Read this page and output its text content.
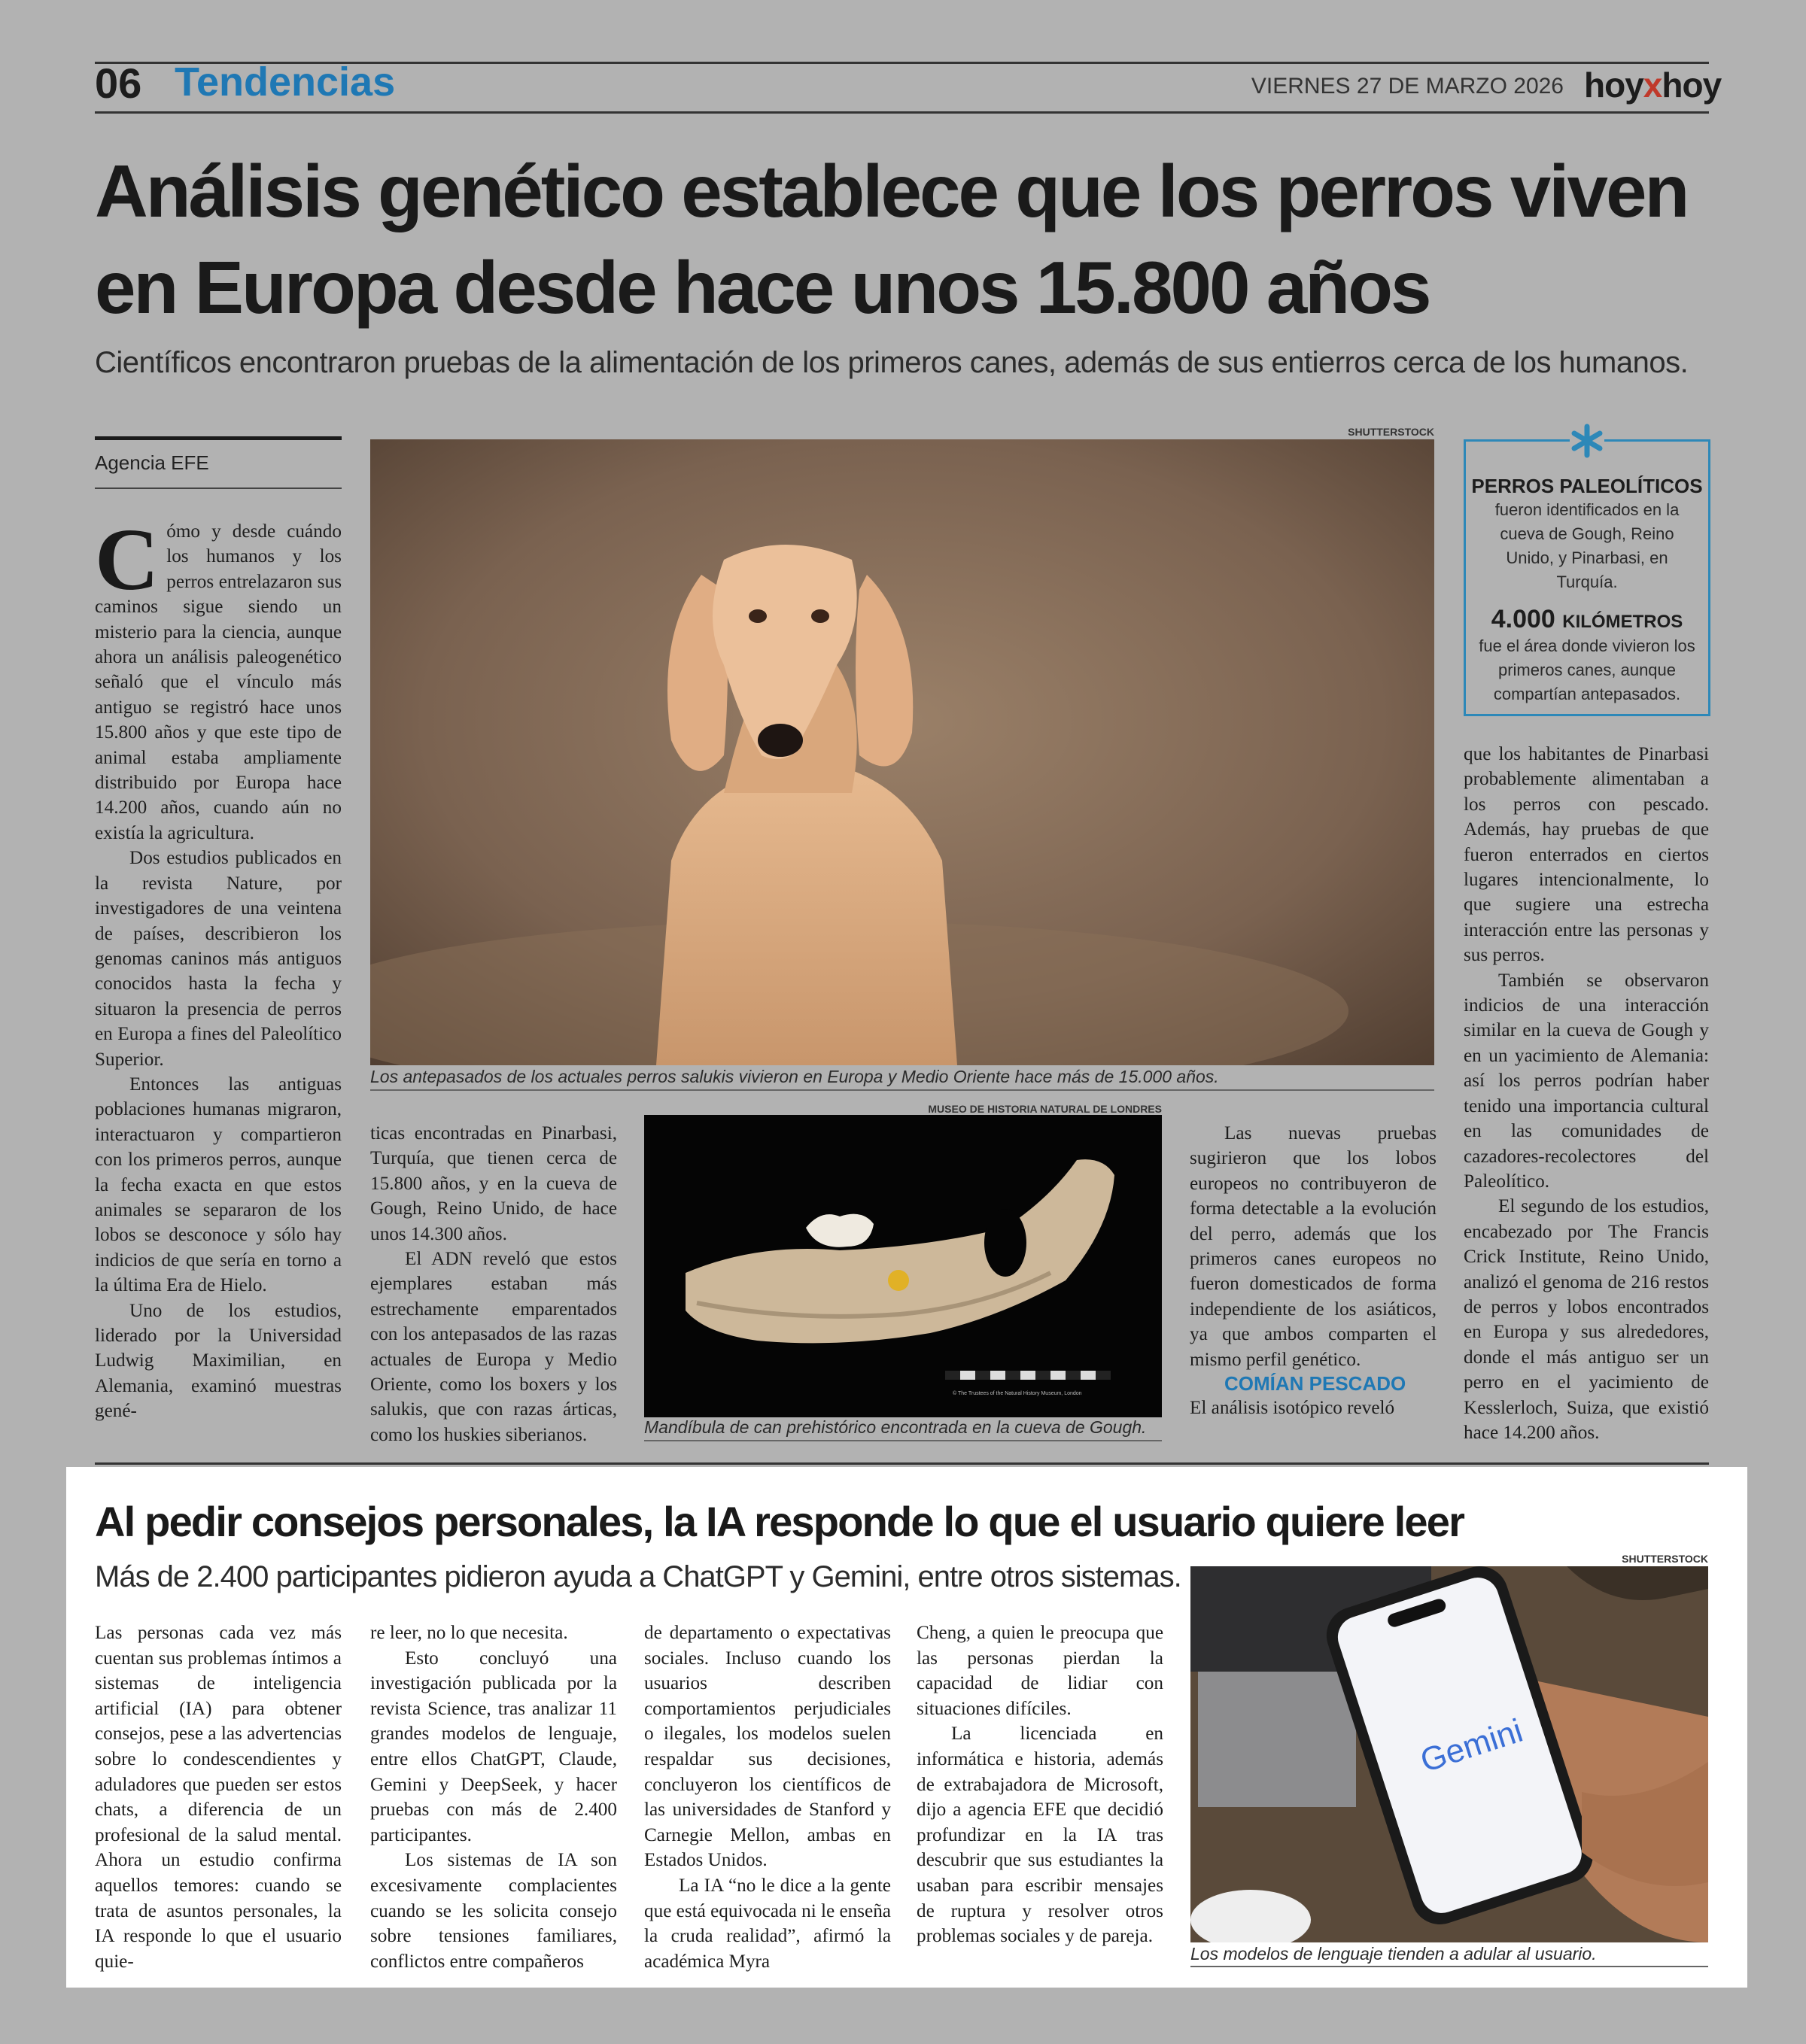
06 Tendencias	VIERNES 27 DE MARZO 2026 hoyxhoy
Análisis genético establece que los perros viven en Europa desde hace unos 15.800 años
Científicos encontraron pruebas de la alimentación de los primeros canes, además de sus entierros cerca de los humanos.
Agencia EFE

Cómo y desde cuándo los humanos y los perros entrelazaron sus caminos sigue siendo un misterio para la ciencia, aunque ahora un análisis paleogenético señaló que el vínculo más antiguo se registró hace unos 15.800 años y que este tipo de animal estaba ampliamente distribuido por Europa hace 14.200 años, cuando aún no existía la agricultura.

Dos estudios publicados en la revista Nature, por investigadores de una veintena de países, describieron los genomas caninos más antiguos conocidos hasta la fecha y situaron la presencia de perros en Europa a fines del Paleolítico Superior.

Entonces las antiguas poblaciones humanas migraron, interactuaron y compartieron con los primeros perros, aunque la fecha exacta en que estos animales se separaron de los lobos se desconoce y sólo hay indicios de que sería en torno a la última Era de Hielo.

Uno de los estudios, liderado por la Universidad Ludwig Maximilian, en Alemania, examinó muestras gené-

SHUTTERSTOCK
Los antepasados de los actuales perros salukis vivieron en Europa y Medio Oriente hace más de 15.000 años.

ticas encontradas en Pinarbasi, Turquía, que tienen cerca de 15.800 años, y en la cueva de Gough, Reino Unido, de hace unos 14.300 años.

El ADN reveló que estos ejemplares estaban más estrechamente emparentados con los antepasados de las razas actuales de Europa y Medio Oriente, como los boxers y los salukis, que con razas árticas, como los huskies siberianos.

MUSEO DE HISTORIA NATURAL DE LONDRES
© The Trustees of the Natural History Museum, London
Mandíbula de can prehistórico encontrada en la cueva de Gough.

Las nuevas pruebas sugirieron que los lobos europeos no contribuyeron de forma detectable a la evolución del perro, además que los primeros canes europeos no fueron domesticados de forma independiente de los asiáticos, ya que ambos comparten el mismo perfil genético.

COMÍAN PESCADO

El análisis isotópico reveló

PERROS PALEOLÍTICOS
fueron identificados en la cueva de Gough, Reino Unido, y Pinarbasi, en Turquía.
4.000 KILÓMETROS
fue el área donde vivieron los primeros canes, aunque compartían antepasados.

que los habitantes de Pinarbasi probablemente alimentaban a los perros con pescado. Además, hay pruebas de que fueron enterrados en ciertos lugares intencionalmente, lo que sugiere una estrecha interacción entre las personas y sus perros.

También se observaron indicios de una interacción similar en la cueva de Gough y en un yacimiento de Alemania: así los perros podrían haber tenido una importancia cultural en las comunidades de cazadores-recolectores del Paleolítico.

El segundo de los estudios, encabezado por The Francis Crick Institute, Reino Unido, analizó el genoma de 216 restos de perros y lobos encontrados en Europa y sus alrededores, donde el más antiguo ser un perro en el yacimiento de Kesslerloch, Suiza, que existió hace 14.200 años.

Al pedir consejos personales, la IA responde lo que el usuario quiere leer
Más de 2.400 participantes pidieron ayuda a ChatGPT y Gemini, entre otros sistemas.

Las personas cada vez más cuentan sus problemas íntimos a sistemas de inteligencia artificial (IA) para obtener consejos, pese a las advertencias sobre lo condescendientes y aduladores que pueden ser estos chats, a diferencia de un profesional de la salud mental. Ahora un estudio confirma aquellos temores: cuando se trata de asuntos personales, la IA responde lo que el usuario quie-

re leer, no lo que necesita.

Esto concluyó una investigación publicada por la revista Science, tras analizar 11 grandes modelos de lenguaje, entre ellos ChatGPT, Claude, Gemini y DeepSeek, y hacer pruebas con más de 2.400 participantes.

Los sistemas de IA son excesivamente complacientes cuando se les solicita consejo sobre tensiones familiares, conflictos entre compañeros

de departamento o expectativas sociales. Incluso cuando los usuarios describen comportamientos perjudiciales o ilegales, los modelos suelen respaldar sus decisiones, concluyeron los científicos de las universidades de Stanford y Carnegie Mellon, ambas en Estados Unidos.

La IA “no le dice a la gente que está equivocada ni le enseña la cruda realidad”, afirmó la académica Myra

Cheng, a quien le preocupa que las personas pierdan la capacidad de lidiar con situaciones difíciles.

La licenciada en informática e historia, además de extrabajadora de Microsoft, dijo a agencia EFE que decidió profundizar en la IA tras descubrir que sus estudiantes la usaban para escribir mensajes de ruptura y resolver otros problemas sociales y de pareja.

SHUTTERSTOCK
Gemini
Los modelos de lenguaje tienden a adular al usuario.
